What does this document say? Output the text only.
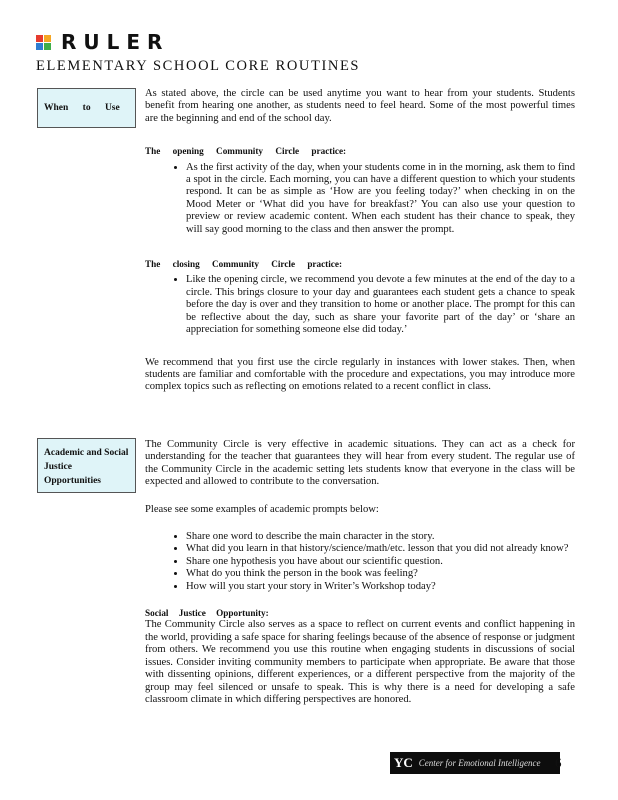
RULER
ELEMENTARY SCHOOL CORE ROUTINES
When to Use
Academic and Social Justice Opportunities

As stated above, the circle can be used anytime you want to hear from your students. Students benefit from hearing one another, as students need to feel heard. Some of the most powerful times are the beginning and end of the school day.

The opening Community Circle practice:

• As the first activity of the day, when your students come in in the morning, ask them to find a spot in the circle. Each morning, you can have a different question to which your students respond. It can be as simple as ‘How are you feeling today?’ when checking in on the Mood Meter or ‘What did you have for breakfast?’ You can also use your question to preview or review academic content. When each student has their chance to speak, they will say good morning to the class and then answer the prompt.

The closing Community Circle practice:

• Like the opening circle, we recommend you devote a few minutes at the end of the day to a circle. This brings closure to your day and guarantees each student gets a chance to speak before the day is over and they transition to home or another place. The prompt for this can be reflective about the day, such as share your favorite part of the day’ or ‘share an appreciation for something someone else did today.’

We recommend that you first use the circle regularly in instances with lower stakes. Then, when students are familiar and comfortable with the procedure and expectations, you may introduce more complex topics such as reflecting on emotions related to a recent conflict in class.

The Community Circle is very effective in academic situations. They can act as a check for understanding for the teacher that guarantees they will hear from every student. The regular use of the Community Circle in the academic setting lets students know that everyone in the class will be expected and allowed to contribute to the conversation.

Please see some examples of academic prompts below:

• Share one word to describe the main character in the story.
• What did you learn in that history/science/math/etc. lesson that you did not already know?
• Share one hypothesis you have about our scientific question.
• What do you think the person in the book was feeling?
• How will you start your story in Writer’s Workshop today?

Social Justice Opportunity:

The Community Circle also serves as a space to reflect on current events and conflict happening in the world, providing a safe space for sharing feelings because of the absence of response or judgment from others. We recommend you use this routine when engaging students in discussions of social issues. Consider inviting community members to participate when appropriate. Be aware that those with dissenting opinions, different experiences, or a different perspective from the majority of the group may feel silenced or unsafe to speak. This is why there is a need for developing a safe classroom climate in which differing perspectives are honored.

YC Center for Emotional Intelligence 6
